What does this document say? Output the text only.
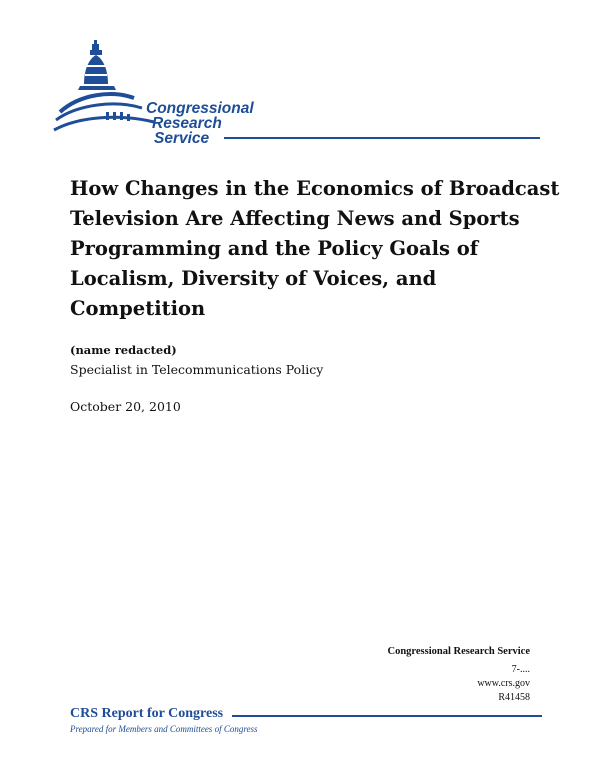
Congressional
Research
Service
How Changes in the Economics of Broadcast
Television Are Affecting News and Sports
Programming and the Policy Goals of
Localism, Diversity of Voices, and
Competition
(name redacted)
Specialist in Telecommunications Policy
October 20, 2010
Congressional Research Service
7-....
www.crs.gov
R41458
CRS Report for Congress
Prepared for Members and Committees of Congress
